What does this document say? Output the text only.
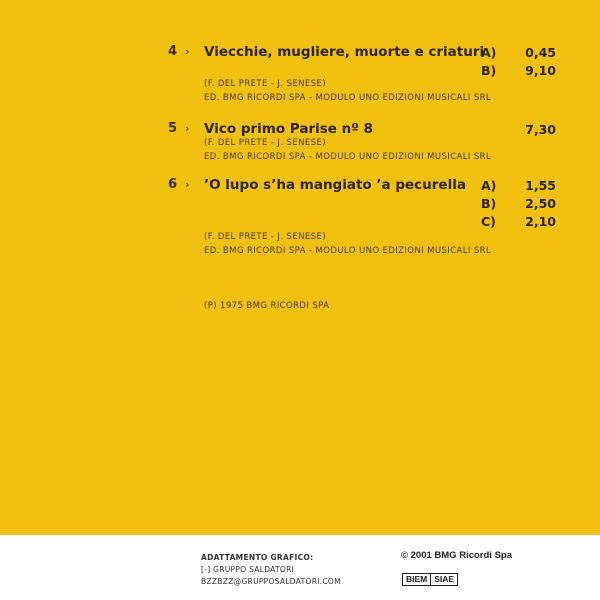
4 › Viecchie, mugliere, muorte e criaturi
A) 0,45
B) 9,10
(F. DEL PRETE - J. SENESE)
ED. BMG RICORDI SPA - MODULO UNO EDIZIONI MUSICALI SRL
5 › Vico primo Parise nº 8	7,30
(F. DEL PRETE - J. SENESE)
ED. BMG RICORDI SPA - MODULO UNO EDIZIONI MUSICALI SRL
6 › ’O lupo s’ha mangiato ’a pecurella A) 1,55
B) 2,50
C) 2,10
(F. DEL PRETE - J. SENESE)
ED. BMG RICORDI SPA - MODULO UNO EDIZIONI MUSICALI SRL
(P) 1975 BMG RICORDI SPA
ADATTAMENTO GRAFICO:
[-] GRUPPO SALDATORI
BZZBZZ@GRUPPOSALDATORI.COM
© 2001 BMG Ricordi Spa
BIEM SIAE
